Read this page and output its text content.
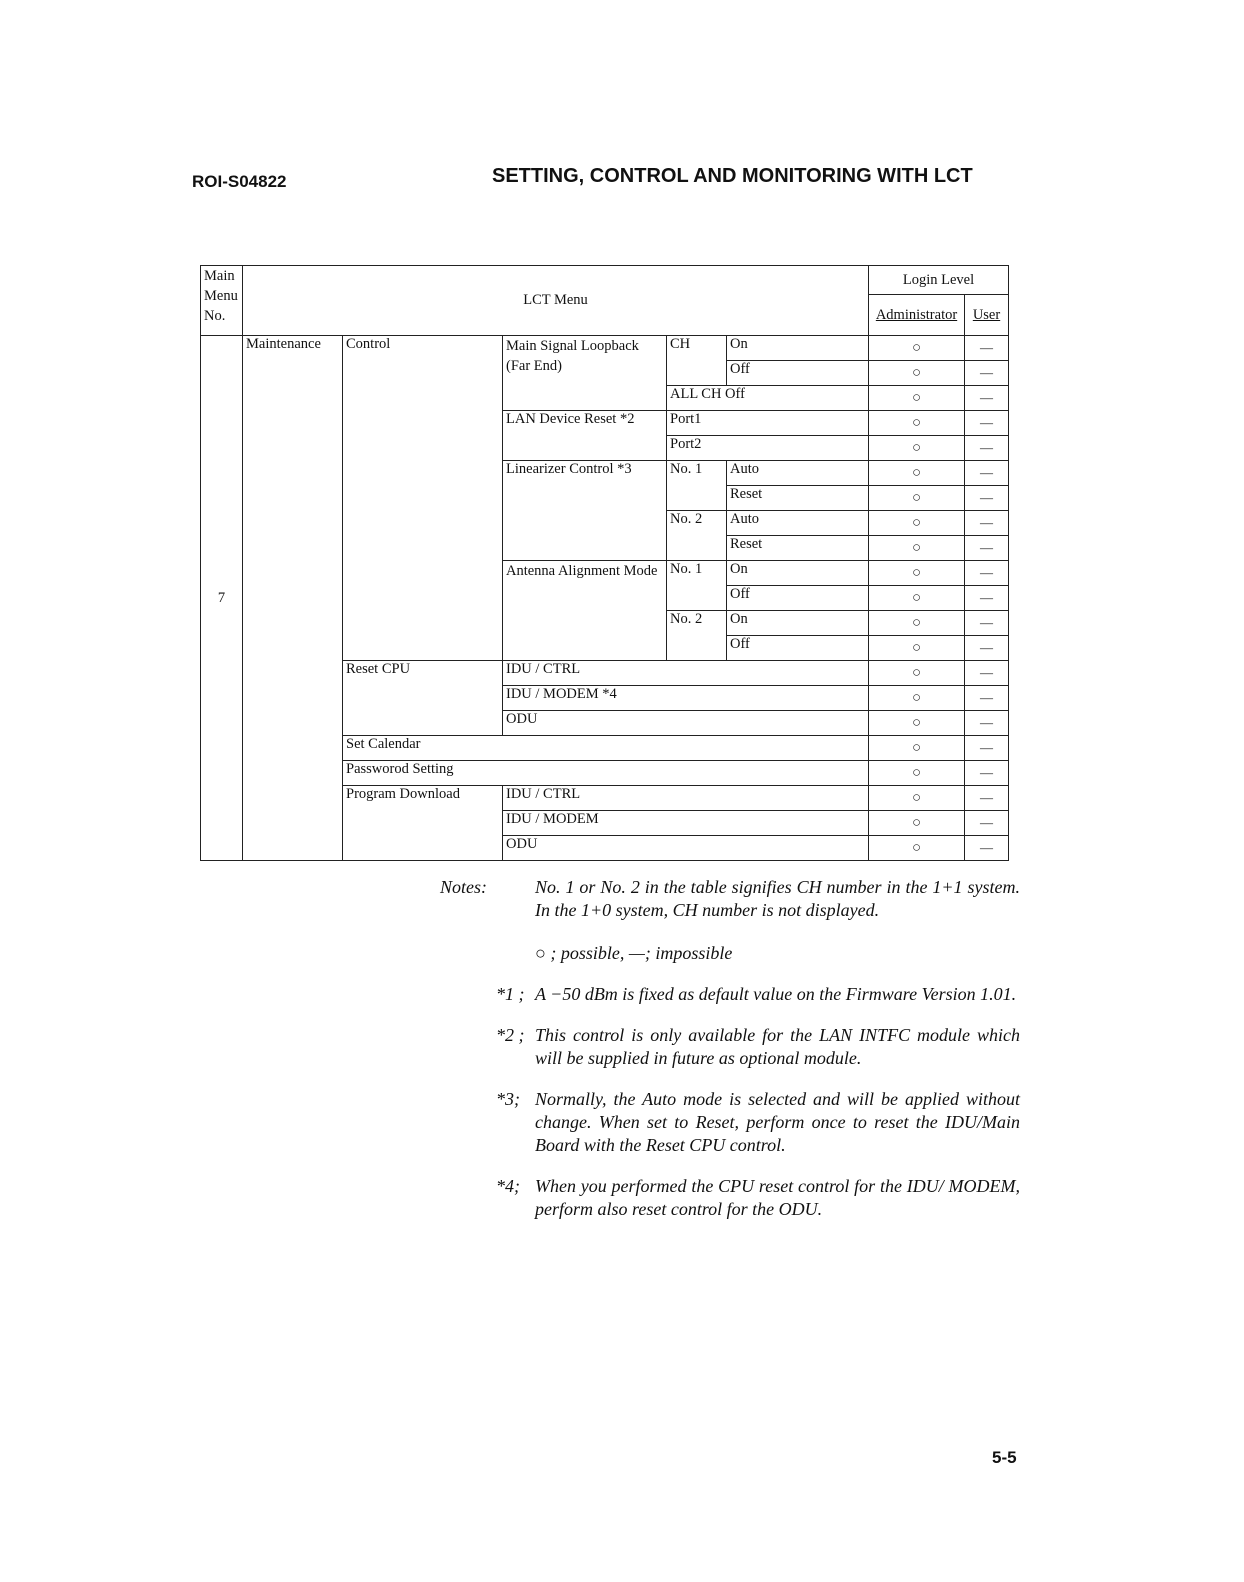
ROI-S04822	SETTING, CONTROL AND MONITORING WITH LCT
Main Menu No.	LCT Menu					Login Level	
						Administrator	User
7	Maintenance	Control	Main Signal Loopback (Far End)	CH	On	○	—
					Off	○	—
				ALL CH Off		○	—
			LAN Device Reset *2	Port1		○	—
				Port2		○	—
			Linearizer Control *3	No. 1	Auto	○	—
					Reset	○	—
				No. 2	Auto	○	—
					Reset	○	—
			Antenna Alignment Mode	No. 1	On	○	—
					Off	○	—
				No. 2	On	○	—
					Off	○	—
		Reset CPU	IDU / CTRL			○	—
			IDU / MODEM *4			○	—
			ODU			○	—
		Set Calendar				○	—
		Passworod Setting				○	—
		Program Download	IDU / CTRL			○	—
			IDU / MODEM			○	—
			ODU			○	—
Notes:	No. 1 or No. 2 in the table signifies CH number in the 1+1 system. In the 1+0 system, CH number is not displayed.
○ ; possible, —; impossible
*1 ; A −50 dBm is fixed as default value on the Firmware Version 1.01.
*2 ; This control is only available for the LAN INTFC module which will be supplied in future as optional module.
*3; Normally, the Auto mode is selected and will be applied without change. When set to Reset, perform once to reset the IDU/Main Board with the Reset CPU control.
*4; When you performed the CPU reset control for the IDU/ MODEM, perform also reset control for the ODU.
5-5
